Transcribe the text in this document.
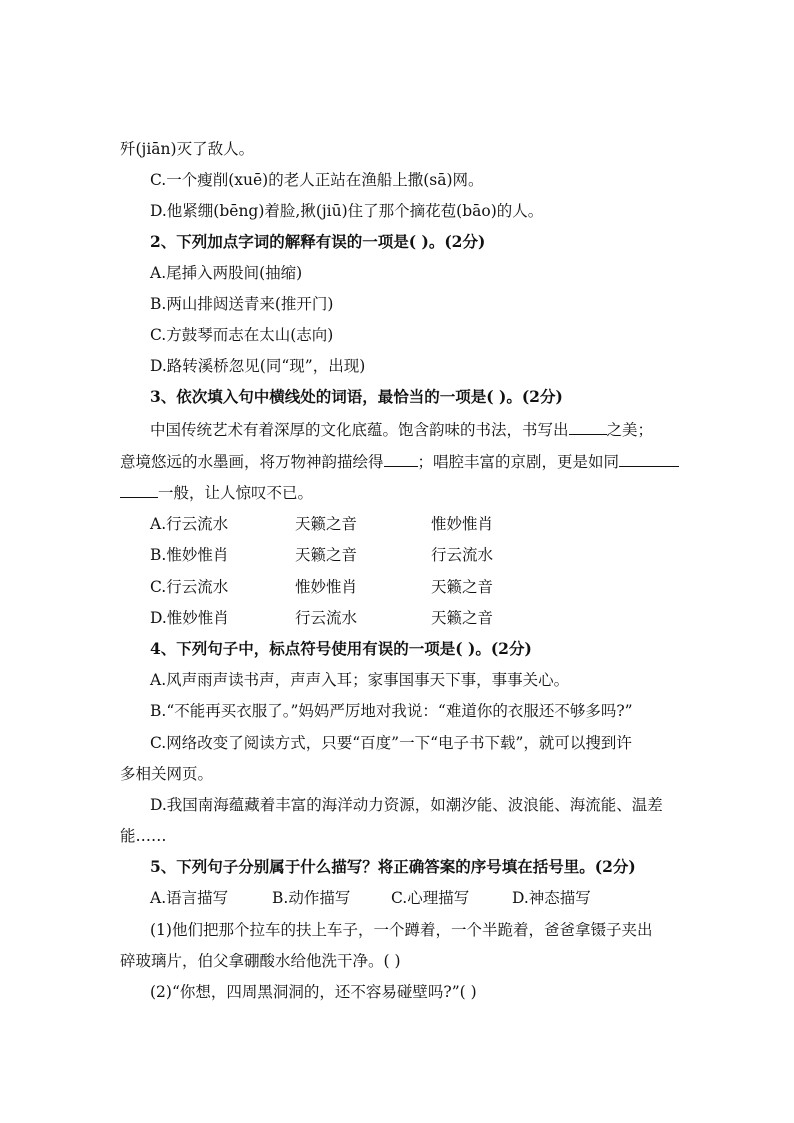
歼(jiān)灭了敌人。
C.一个瘦削(xuē)的老人正站在渔船上撒(sā)网。
D.他紧绷(bēng)着脸,揪(jiū)住了那个摘花苞(bāo)的人。
2、下列加点字词的解释有误的一项是( )。(2分)
A.尾揷入两股间(抽缩)
B.两山排闼送青来(推开门)
C.方鼓琴而志在太山(志向)
D.路转溪桥忽见(同“现”，出现)
3、依次填入句中横线处的词语，最恰当的一项是( )。(2分)
中国传统艺术有着深厚的文化底蕴。饱含韵味的书法，书写出 之美；
意境悠远的水墨画，将万物神韵描绘得 ；唱腔丰富的京剧，更是如同
一般，让人惊叹不已。
A.行云流水	天籁之音	惟妙惟肖
B.惟妙惟肖	天籁之音	行云流水
C.行云流水	惟妙惟肖	天籁之音
D.惟妙惟肖	行云流水	天籁之音
4、下列句子中，标点符号使用有误的一项是( )。(2分)
A.风声雨声读书声，声声入耳；家事国事天下事，事事关心。
B.“不能再买衣服了。”妈妈严厉地对我说：“难道你的衣服还不够多吗?”
C.网络改变了阅读方式，只要“百度”一下“电子书下载”，就可以搜到许
多相关网页。
D.我国南海蕴藏着丰富的海洋动力资源，如潮汐能、波浪能、海流能、温差
能……
5、下列句子分别属于什么描写？将正确答案的序号填在括号里。(2分)
A.语言描写	B.动作描写	C.心理描写	D.神态描写
(1)他们把那个拉车的扶上车子，一个蹲着，一个半跪着，爸爸拿镊子夹出
碎玻璃片，伯父拿硼酸水给他洗干净。( )
(2)“你想，四周黑洞洞的，还不容易碰壁吗?”( )
